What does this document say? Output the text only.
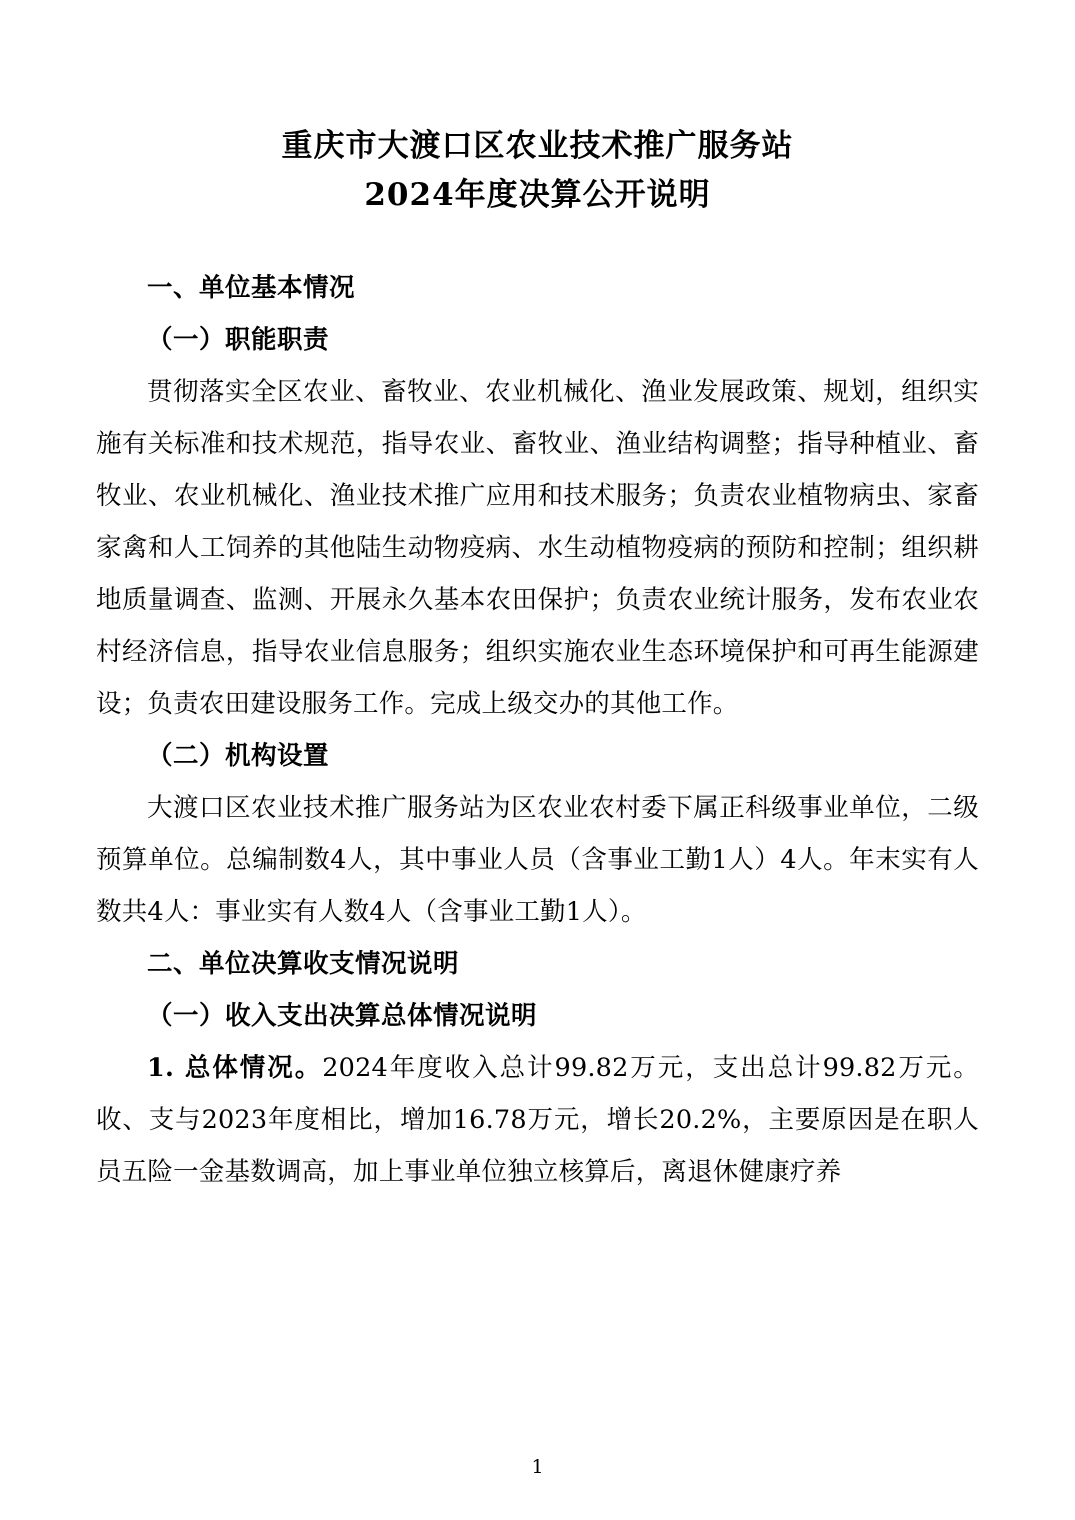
重庆市大渡口区农业技术推广服务站
2024年度决算公开说明

一、单位基本情况

（一）职能职责

贯彻落实全区农业、畜牧业、农业机械化、渔业发展政策、规划，组织实施有关标准和技术规范，指导农业、畜牧业、渔业结构调整；指导种植业、畜牧业、农业机械化、渔业技术推广应用和技术服务；负责农业植物病虫、家畜家禽和人工饲养的其他陆生动物疫病、水生动植物疫病的预防和控制；组织耕地质量调查、监测、开展永久基本农田保护；负责农业统计服务，发布农业农村经济信息，指导农业信息服务；组织实施农业生态环境保护和可再生能源建设；负责农田建设服务工作。完成上级交办的其他工作。

（二）机构设置

大渡口区农业技术推广服务站为区农业农村委下属正科级事业单位，二级预算单位。总编制数4人，其中事业人员（含事业工勤1人）4人。年末实有人数共4人：事业实有人数4人（含事业工勤1人）。

二、单位决算收支情况说明

（一）收入支出决算总体情况说明

1. 总体情况。2024年度收入总计99.82万元，支出总计99.82万元。收、支与2023年度相比，增加16.78万元，增长20.2%，主要原因是在职人员五险一金基数调高，加上事业单位独立核算后，离退休健康疗养

1
